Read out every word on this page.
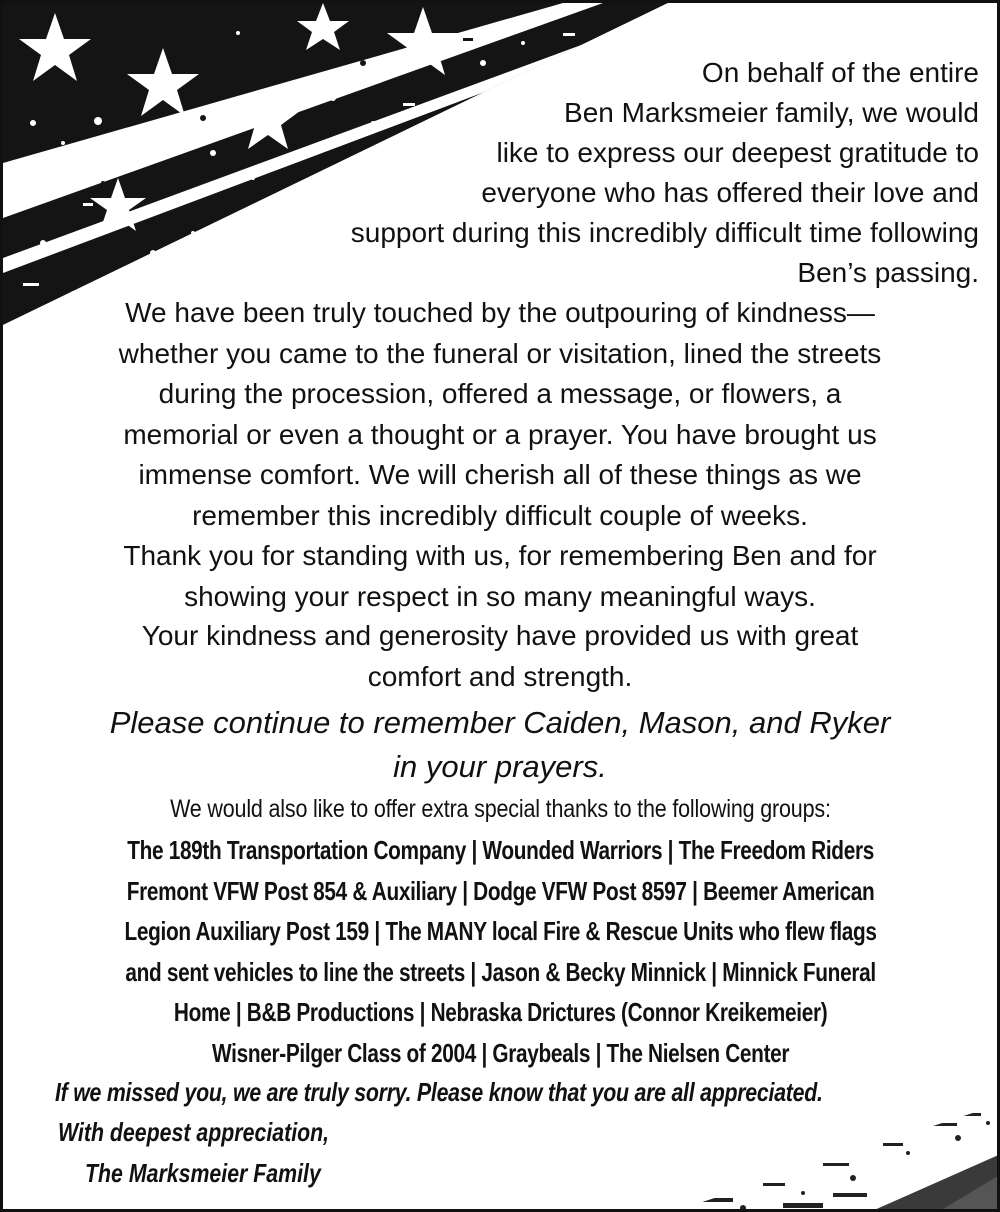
On behalf of the entire
Ben Marksmeier family, we would
like to express our deepest gratitude to
everyone who has offered their love and
support during this incredibly difficult time following
Ben’s passing.

We have been truly touched by the outpouring of kindness—
whether you came to the funeral or visitation, lined the streets
during the procession, offered a message, or flowers, a
memorial or even a thought or a prayer. You have brought us
immense comfort. We will cherish all of these things as we
remember this incredibly difficult couple of weeks.

Thank you for standing with us, for remembering Ben and for
showing your respect in so many meaningful ways.

Your kindness and generosity have provided us with great
comfort and strength.

Please continue to remember Caiden, Mason, and Ryker
in your prayers.

We would also like to offer extra special thanks to the following groups:

The 189th Transportation Company | Wounded Warriors | The Freedom Riders
Fremont VFW Post 854 & Auxiliary | Dodge VFW Post 8597 | Beemer American
Legion Auxiliary Post 159 | The MANY local Fire & Rescue Units who flew flags
and sent vehicles to line the streets | Jason & Becky Minnick | Minnick Funeral
Home | B&B Productions | Nebraska Drictures (Connor Kreikemeier)
Wisner-Pilger Class of 2004 | Graybeals | The Nielsen Center

If we missed you, we are truly sorry. Please know that you are all appreciated.

With deepest appreciation,

The Marksmeier Family
